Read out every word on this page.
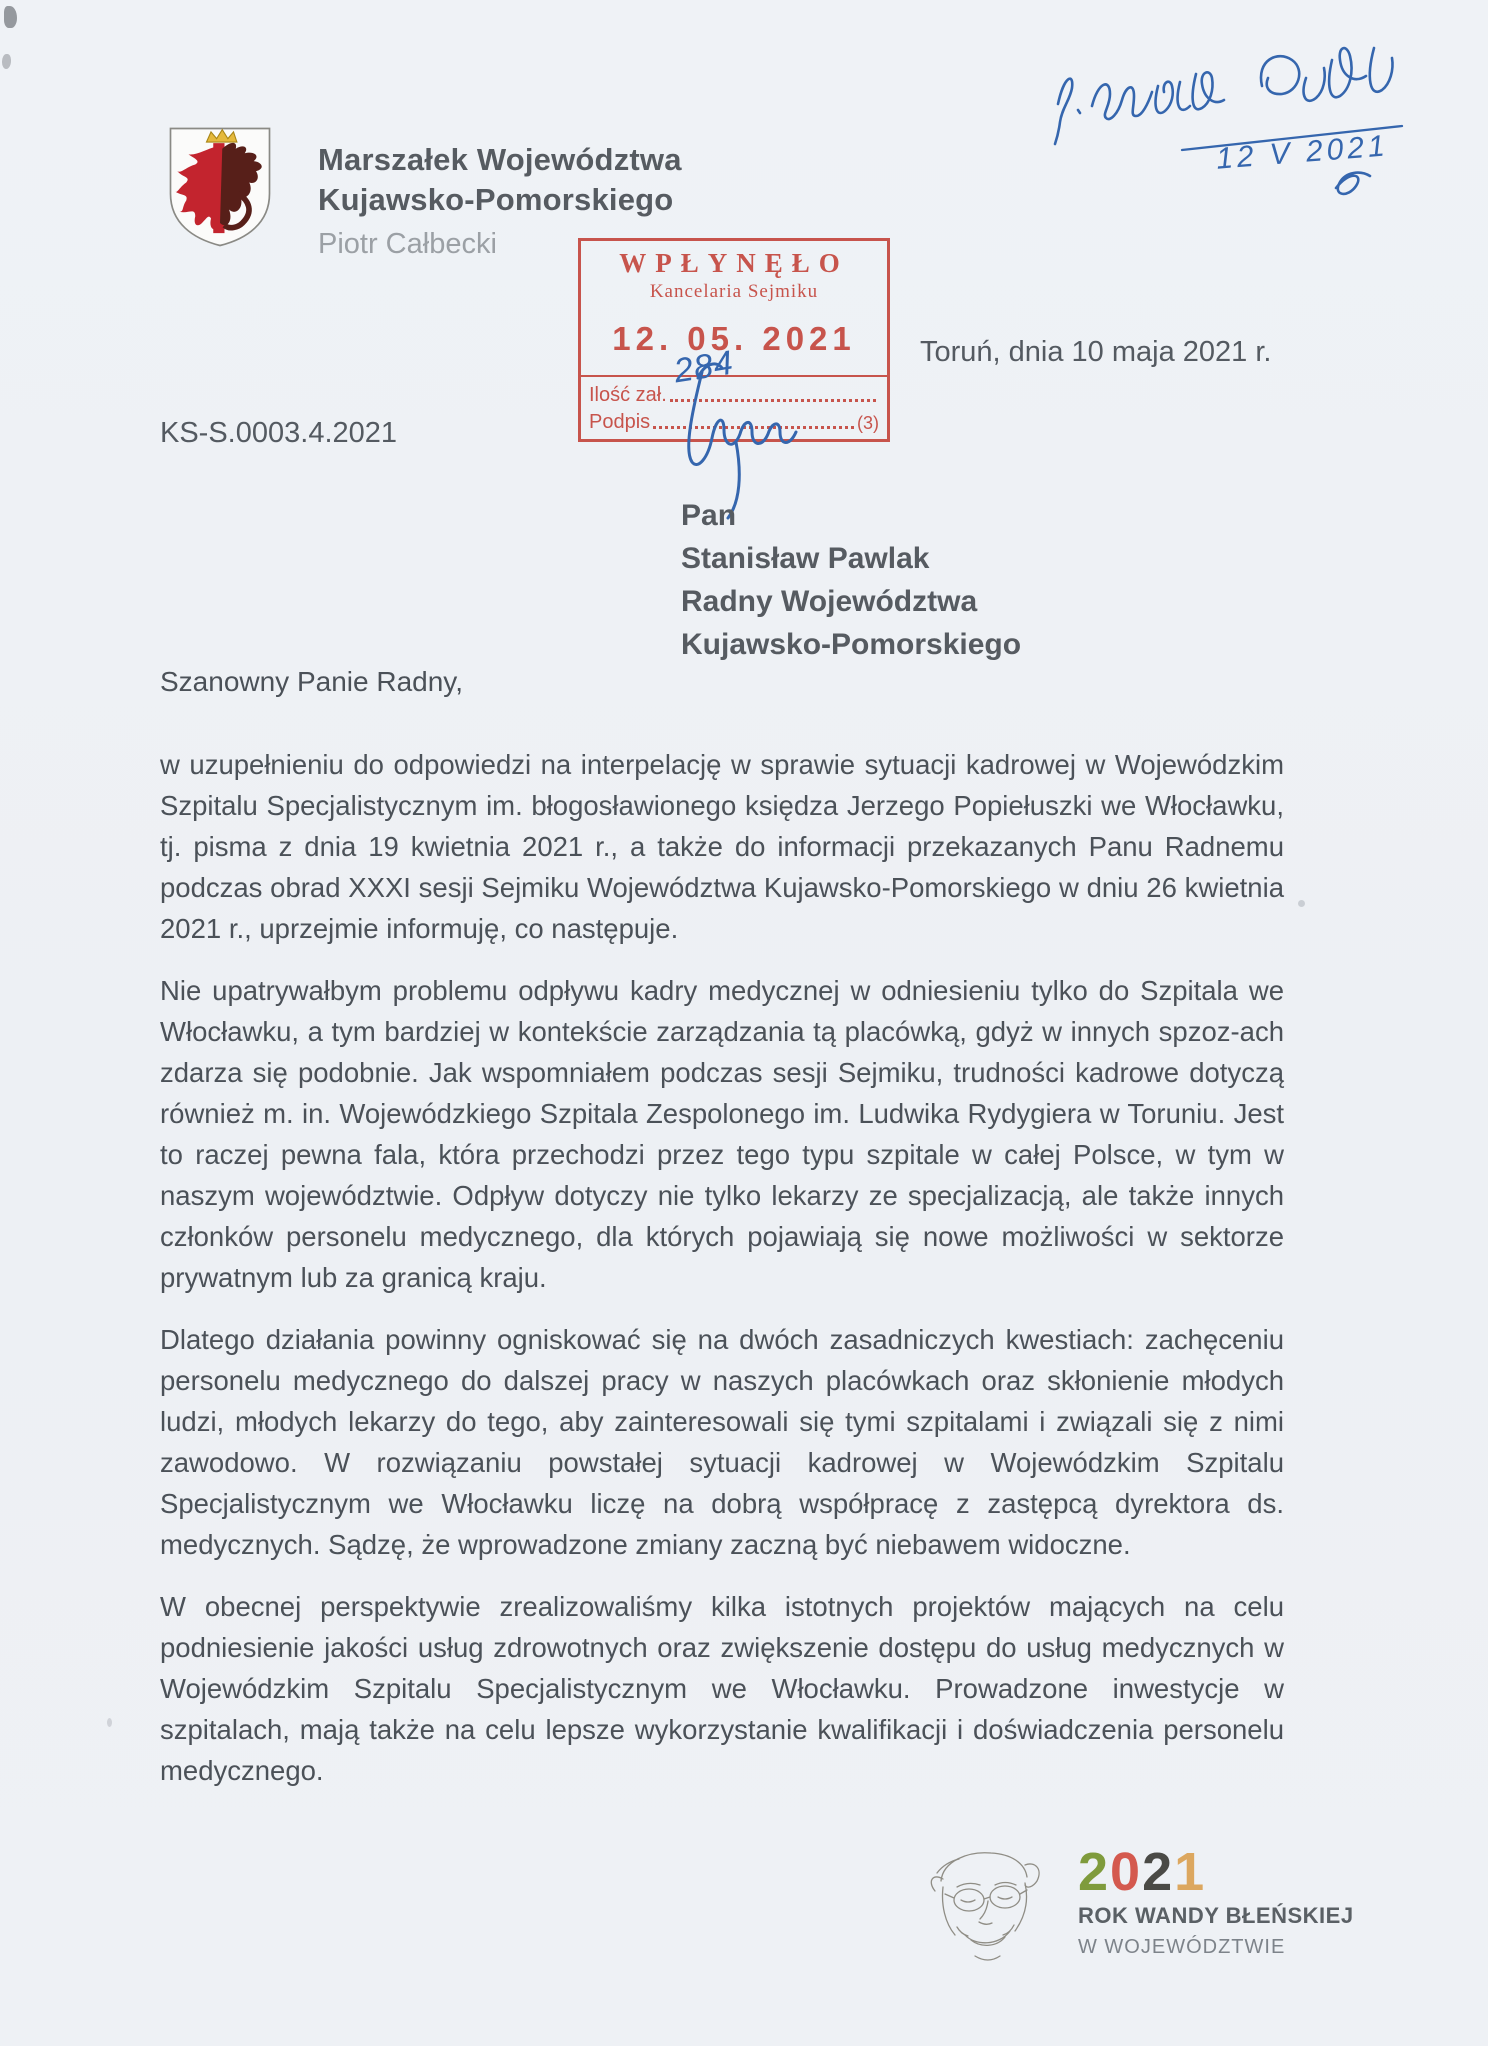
Marszałek Województwa
Kujawsko-Pomorskiego
Piotr Całbecki
12 V 2021
WPŁYNĘŁO
Kancelaria Sejmiku
12. 05. 2021
Ilość zał.
Podpis	(3)
284	Toruń, dnia 10 maja 2021 r.
KS-S.0003.4.2021
Pan
Stanisław Pawlak
Radny Województwa
Kujawsko-Pomorskiego
Szanowny Panie Radny,

w uzupełnieniu do odpowiedzi na interpelację w sprawie sytuacji kadrowej w Wojewódzkim Szpitalu Specjalistycznym im. błogosławionego księdza Jerzego Popiełuszki we Włocławku, tj. pisma z dnia 19 kwietnia 2021 r., a także do informacji przekazanych Panu Radnemu podczas obrad XXXI sesji Sejmiku Województwa Kujawsko-Pomorskiego w dniu 26 kwietnia 2021 r., uprzejmie informuję, co następuje.

Nie upatrywałbym problemu odpływu kadry medycznej w odniesieniu tylko do Szpitala we Włocławku, a tym bardziej w kontekście zarządzania tą placówką, gdyż w innych spzoz-ach zdarza się podobnie. Jak wspomniałem podczas sesji Sejmiku, trudności kadrowe dotyczą również m. in. Wojewódzkiego Szpitala Zespolonego im. Ludwika Rydygiera w Toruniu. Jest to raczej pewna fala, która przechodzi przez tego typu szpitale w całej Polsce, w tym w naszym województwie. Odpływ dotyczy nie tylko lekarzy ze specjalizacją, ale także innych członków personelu medycznego, dla których pojawiają się nowe możliwości w sektorze prywatnym lub za granicą kraju.

Dlatego działania powinny ogniskować się na dwóch zasadniczych kwestiach: zachęceniu personelu medycznego do dalszej pracy w naszych placówkach oraz skłonienie młodych ludzi, młodych lekarzy do tego, aby zainteresowali się tymi szpitalami i związali się z nimi zawodowo. W rozwiązaniu powstałej sytuacji kadrowej w Wojewódzkim Szpitalu Specjalistycznym we Włocławku liczę na dobrą współpracę z zastępcą dyrektora ds. medycznych. Sądzę, że wprowadzone zmiany zaczną być niebawem widoczne.

W obecnej perspektywie zrealizowaliśmy kilka istotnych projektów mających na celu podniesienie jakości usług zdrowotnych oraz zwiększenie dostępu do usług medycznych w Wojewódzkim Szpitalu Specjalistycznym we Włocławku. Prowadzone inwestycje w szpitalach, mają także na celu lepsze wykorzystanie kwalifikacji i doświadczenia personelu medycznego.

2021
ROK WANDY BŁEŃSKIEJ
W WOJEWÓDZTWIE
